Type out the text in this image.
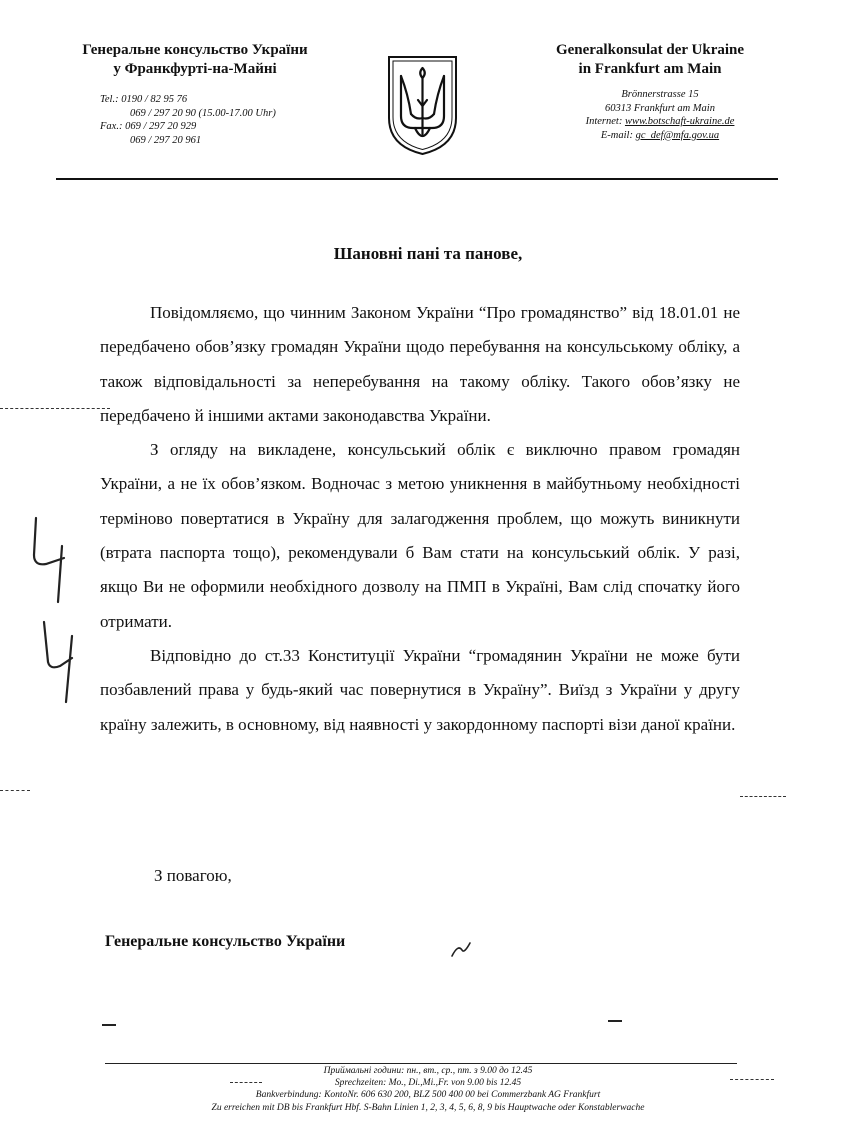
Генеральне консульство України
у Франкфурті-на-Майні
Tel.: 0190 / 82 95 76
069 / 297 20 90 (15.00-17.00 Uhr)
Fax.: 069 / 297 20 929
069 / 297 20 961
Generalkonsulat der Ukraine
in Frankfurt am Main
Brönnerstrasse 15
60313 Frankfurt am Main
Internet: www.botschaft-ukraine.de
E-mail: gc_def@mfa.gov.ua
Шановні пані та панове,

Повідомляємо, що чинним Законом України “Про громадянство” від 18.01.01 не передбачено обов’язку громадян України щодо перебування на консульському обліку, а також відповідальності за неперебування на такому обліку. Такого обов’язку не передбачено й іншими актами законодавства України.

З огляду на викладене, консульський облік є виключно правом громадян України, а не їх обов’язком. Водночас з метою уникнення в майбутньому необхідності терміново повертатися в Україну для залагодження проблем, що можуть виникнути (втрата паспорта тощо), рекомендували б Вам стати на консульський облік. У разі, якщо Ви не оформили необхідного дозволу на ПМП в Україні, Вам слід спочатку його отримати.

Відповідно до ст.33 Конституції України “громадянин України не може бути позбавлений права у будь-який час повернутися в Україну”. Виїзд з України у другу країну залежить, в основному, від наявності у закордонному паспорті візи даної країни.

З повагою,
Генеральне консульство України
Приймальні години: пн., вт., ср., пт. з 9.00 до 12.45
Sprechzeiten: Mo., Di.,Mi.,Fr. von 9.00 bis 12.45
Bankverbindung: KontoNr. 606 630 200, BLZ 500 400 00 bei Commerzbank AG Frankfurt
Zu erreichen mit DB bis Frankfurt Hbf. S-Bahn Linien 1, 2, 3, 4, 5, 6, 8, 9 bis Hauptwache oder Konstablerwache
